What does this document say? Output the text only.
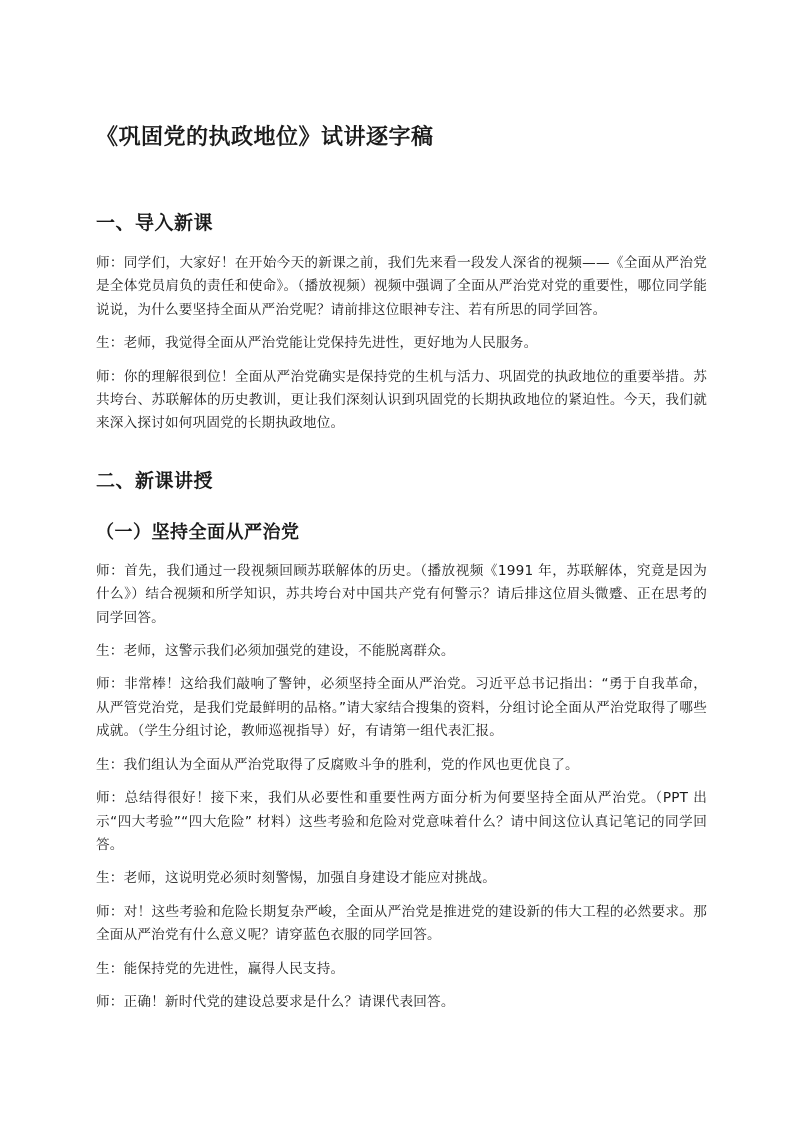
《巩固党的执政地位》试讲逐字稿
一、导入新课

师：同学们，大家好！在开始今天的新课之前，我们先来看一段发人深省的视频——《全面从严治党 是全体党员肩负的责任和使命》。（播放视频）视频中强调了全面从严治党对党的重要性，哪位同学能说说，为什么要坚持全面从严治党呢？请前排这位眼神专注、若有所思的同学回答。

生：老师，我觉得全面从严治党能让党保持先进性，更好地为人民服务。

师：你的理解很到位！全面从严治党确实是保持党的生机与活力、巩固党的执政地位的重要举措。苏共垮台、苏联解体的历史教训，更让我们深刻认识到巩固党的长期执政地位的紧迫性。今天，我们就来深入探讨如何巩固党的长期执政地位。

二、新课讲授
（一）坚持全面从严治党

师：首先，我们通过一段视频回顾苏联解体的历史。（播放视频《1991 年，苏联解体，究竟是因为什么》）结合视频和所学知识，苏共垮台对中国共产党有何警示？请后排这位眉头微蹙、正在思考的同学回答。

生：老师，这警示我们必须加强党的建设，不能脱离群众。

师：非常棒！这给我们敲响了警钟，必须坚持全面从严治党。习近平总书记指出：“勇于自我革命，从严管党治党，是我们党最鲜明的品格。”请大家结合搜集的资料，分组讨论全面从严治党取得了哪些成就。（学生分组讨论，教师巡视指导）好，有请第一组代表汇报。

生：我们组认为全面从严治党取得了反腐败斗争的胜利，党的作风也更优良了。

师：总结得很好！接下来，我们从必要性和重要性两方面分析为何要坚持全面从严治党。（PPT 出示“四大考验”“四大危险” 材料）这些考验和危险对党意味着什么？请中间这位认真记笔记的同学回答。

生：老师，这说明党必须时刻警惕，加强自身建设才能应对挑战。

师：对！这些考验和危险长期复杂严峻，全面从严治党是推进党的建设新的伟大工程的必然要求。那全面从严治党有什么意义呢？请穿蓝色衣服的同学回答。

生：能保持党的先进性，赢得人民支持。

师：正确！新时代党的建设总要求是什么？请课代表回答。
